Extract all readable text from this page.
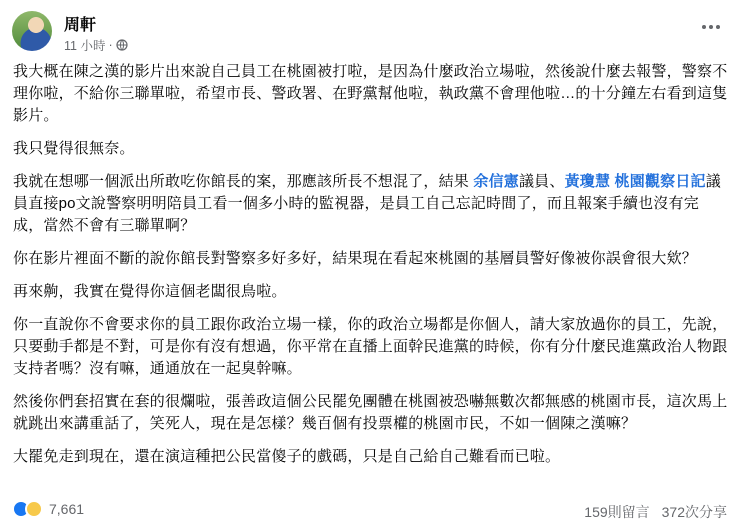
周軒
11 小時 ·

我大概在陳之漢的影片出來說自己員工在桃園被打啦，是因為什麼政治立場啦，然後說什麼去報警，警察不理你啦，不給你三聯單啦，希望市長、警政署、在野黨幫他啦，執政黨不會理他啦…的十分鐘左右看到這隻影片。

我只覺得很無奈。

我就在想哪一個派出所敢吃你館長的案，那應該所長不想混了，結果 余信憲議員、黃瓊慧 桃園觀察日記議員直接po文說警察明明陪員工看一個多小時的監視器，是員工自己忘記時間了，而且報案手續也沒有完成，當然不會有三聯單啊？

你在影片裡面不斷的說你館長對警察多好多好，結果現在看起來桃園的基層員警好像被你誤會很大欸？

再來齁，我實在覺得你這個老闆很鳥啦。

你一直說你不會要求你的員工跟你政治立場一樣，你的政治立場都是你個人，請大家放過你的員工，先說，只要動手都是不對，可是你有沒有想過，你平常在直播上面幹民進黨的時候，你有分什麼民進黨政治人物跟支持者嗎？沒有嘛，通通放在一起臭幹嘛。

然後你們套招實在套的很爛啦，張善政這個公民罷免團體在桃園被恐嚇無數次都無感的桃園市長，這次馬上就跳出來講重話了，笑死人，現在是怎樣？幾百個有投票權的桃園市民，不如一個陳之漢嘛？

大罷免走到現在，還在演這種把公民當傻子的戲碼，只是自己給自己難看而已啦。

7,661	159則留言 372次分享
